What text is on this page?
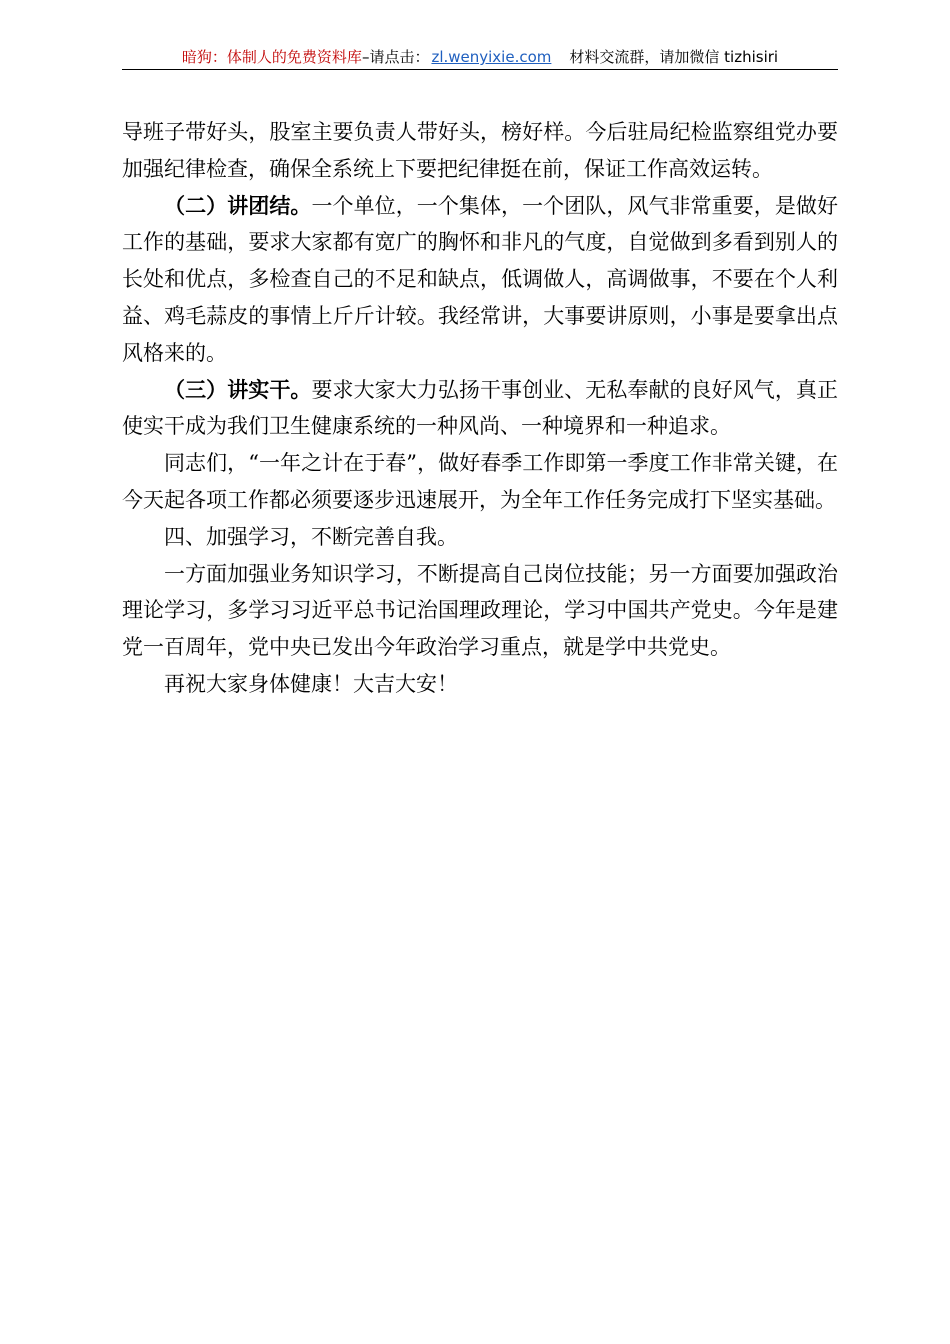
暗狗：体制人的免费资料库–请点击： zl.wenyixie.com 材料交流群，请加微信 tizhisiri

导班子带好头，股室主要负责人带好头，榜好样。今后驻局纪检监察组党办要加强纪律检查，确保全系统上下要把纪律挺在前，保证工作高效运转。

（二）讲团结。一个单位，一个集体，一个团队，风气非常重要，是做好工作的基础，要求大家都有宽广的胸怀和非凡的气度，自觉做到多看到别人的长处和优点，多检查自己的不足和缺点，低调做人，高调做事，不要在个人利益、鸡毛蒜皮的事情上斤斤计较。我经常讲，大事要讲原则，小事是要拿出点风格来的。

（三）讲实干。要求大家大力弘扬干事创业、无私奉献的良好风气，真正使实干成为我们卫生健康系统的一种风尚、一种境界和一种追求。

同志们，“一年之计在于春”，做好春季工作即第一季度工作非常关键，在今天起各项工作都必须要逐步迅速展开，为全年工作任务完成打下坚实基础。

四、加强学习，不断完善自我。

一方面加强业务知识学习，不断提高自己岗位技能；另一方面要加强政治理论学习，多学习习近平总书记治国理政理论，学习中国共产党史。今年是建党一百周年，党中央已发出今年政治学习重点，就是学中共党史。

再祝大家身体健康！大吉大安！
